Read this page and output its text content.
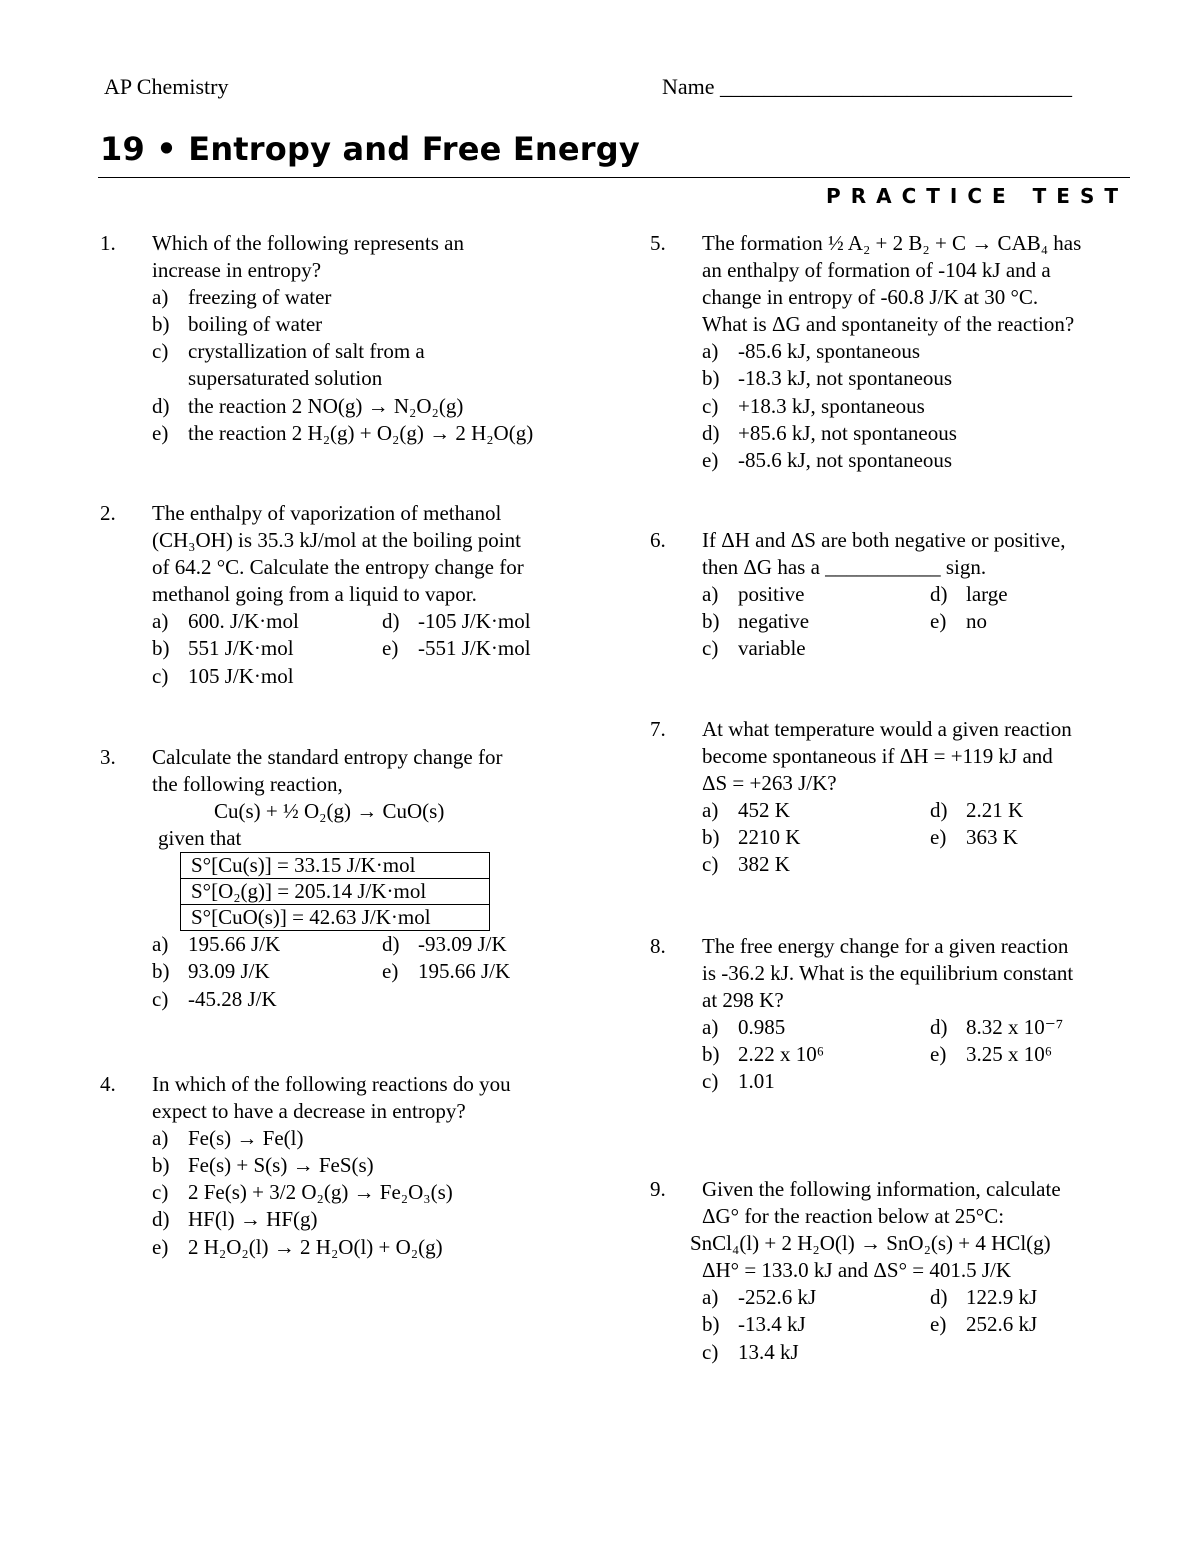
AP Chemistry	Name ________________________________
19 • Entropy and Free Energy
PRACTICE TEST
1. Which of the following represents an
increase in entropy?
a) freezing of water
b) boiling of water
c) crystallization of salt from a
supersaturated solution
d) the reaction 2 NO(g) → N₂O₂(g)
e) the reaction 2 H₂(g) + O₂(g) → 2 H₂O(g)
2. The enthalpy of vaporization of methanol
(CH₃OH) is 35.3 kJ/mol at the boiling point
of 64.2 °C. Calculate the entropy change for
methanol going from a liquid to vapor.
a) 600. J/K·mol	d) -105 J/K·mol
b) 551 J/K·mol	e) -551 J/K·mol
c) 105 J/K·mol
3. Calculate the standard entropy change for
the following reaction,
Cu(s) + ½ O₂(g) → CuO(s)
given that
S°[Cu(s)] = 33.15 J/K·mol
S°[O₂(g)] = 205.14 J/K·mol
S°[CuO(s)] = 42.63 J/K·mol
a) 195.66 J/K	d) -93.09 J/K
b) 93.09 J/K	e) 195.66 J/K
c) -45.28 J/K
4. In which of the following reactions do you
expect to have a decrease in entropy?
a) Fe(s) → Fe(l)
b) Fe(s) + S(s) → FeS(s)
c) 2 Fe(s) + 3/2 O₂(g) → Fe₂O₃(s)
d) HF(l) → HF(g)
e) 2 H₂O₂(l) → 2 H₂O(l) + O₂(g)
5. The formation ½ A₂ + 2 B₂ + C → CAB₄ has
an enthalpy of formation of -104 kJ and a
change in entropy of -60.8 J/K at 30 °C.
What is ΔG and spontaneity of the reaction?
a) -85.6 kJ, spontaneous
b) -18.3 kJ, not spontaneous
c) +18.3 kJ, spontaneous
d) +85.6 kJ, not spontaneous
e) -85.6 kJ, not spontaneous
6. If ΔH and ΔS are both negative or positive,
then ΔG has a ___________ sign.
a) positive	d) large
b) negative	e) no
c) variable
7. At what temperature would a given reaction
become spontaneous if ΔH = +119 kJ and
ΔS = +263 J/K?
a) 452 K	d) 2.21 K
b) 2210 K	e) 363 K
c) 382 K
8. The free energy change for a given reaction
is -36.2 kJ. What is the equilibrium constant
at 298 K?
a) 0.985	d) 8.32 x 10⁻⁷
b) 2.22 x 10⁶	e) 3.25 x 10⁶
c) 1.01
9. Given the following information, calculate
ΔG° for the reaction below at 25°C:
SnCl₄(l) + 2 H₂O(l) → SnO₂(s) + 4 HCl(g)
ΔH° = 133.0 kJ and ΔS° = 401.5 J/K
a) -252.6 kJ	d) 122.9 kJ
b) -13.4 kJ	e) 252.6 kJ
c) 13.4 kJ
